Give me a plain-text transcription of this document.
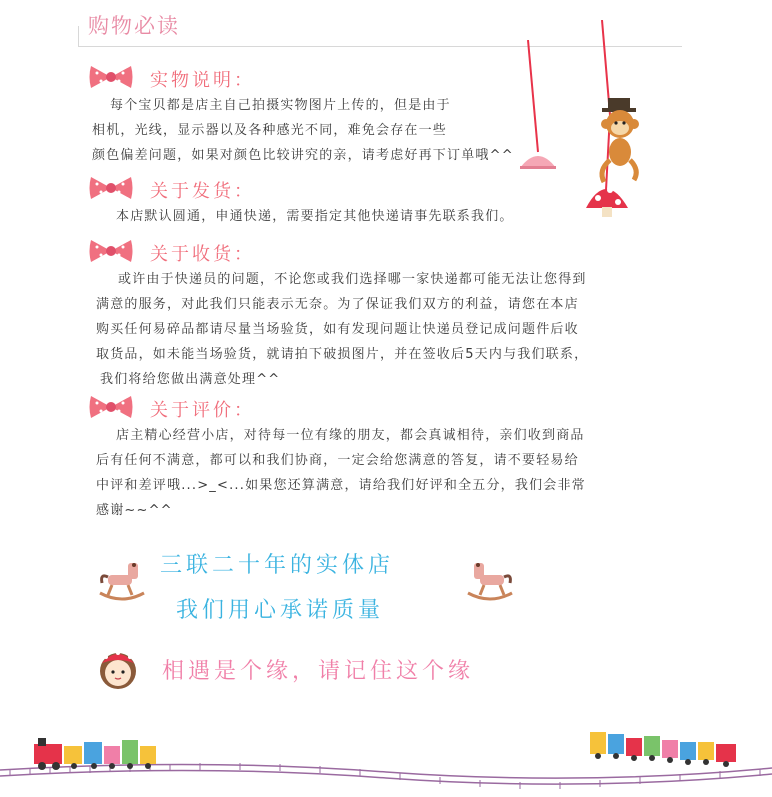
购物必读
实物说明：
每个宝贝都是店主自己拍摄实物图片上传的，但是由于
相机，光线，显示器以及各种感光不同，难免会存在一些
颜色偏差问题，如果对颜色比较讲究的亲，请考虑好再下订单哦^^
关于发货：
本店默认圆通，申通快递，需要指定其他快递请事先联系我们。
关于收货：
或许由于快递员的问题，不论您或我们选择哪一家快递都可能无法让您得到
满意的服务，对此我们只能表示无奈。为了保证我们双方的利益，请您在本店
购买任何易碎品都请尽量当场验货，如有发现问题让快递员登记成问题件后收
取货品，如未能当场验货，就请拍下破损图片，并在签收后5天内与我们联系，
我们将给您做出满意处理^^
关于评价：
店主精心经营小店，对待每一位有缘的朋友，都会真诚相待，亲们收到商品
后有任何不满意，都可以和我们协商，一定会给您满意的答复，请不要轻易给
中评和差评哦...>_<...如果您还算满意，请给我们好评和全五分，我们会非常
感谢~~^^
三联二十年的实体店
我们用心承诺质量
相遇是个缘，请记住这个缘
